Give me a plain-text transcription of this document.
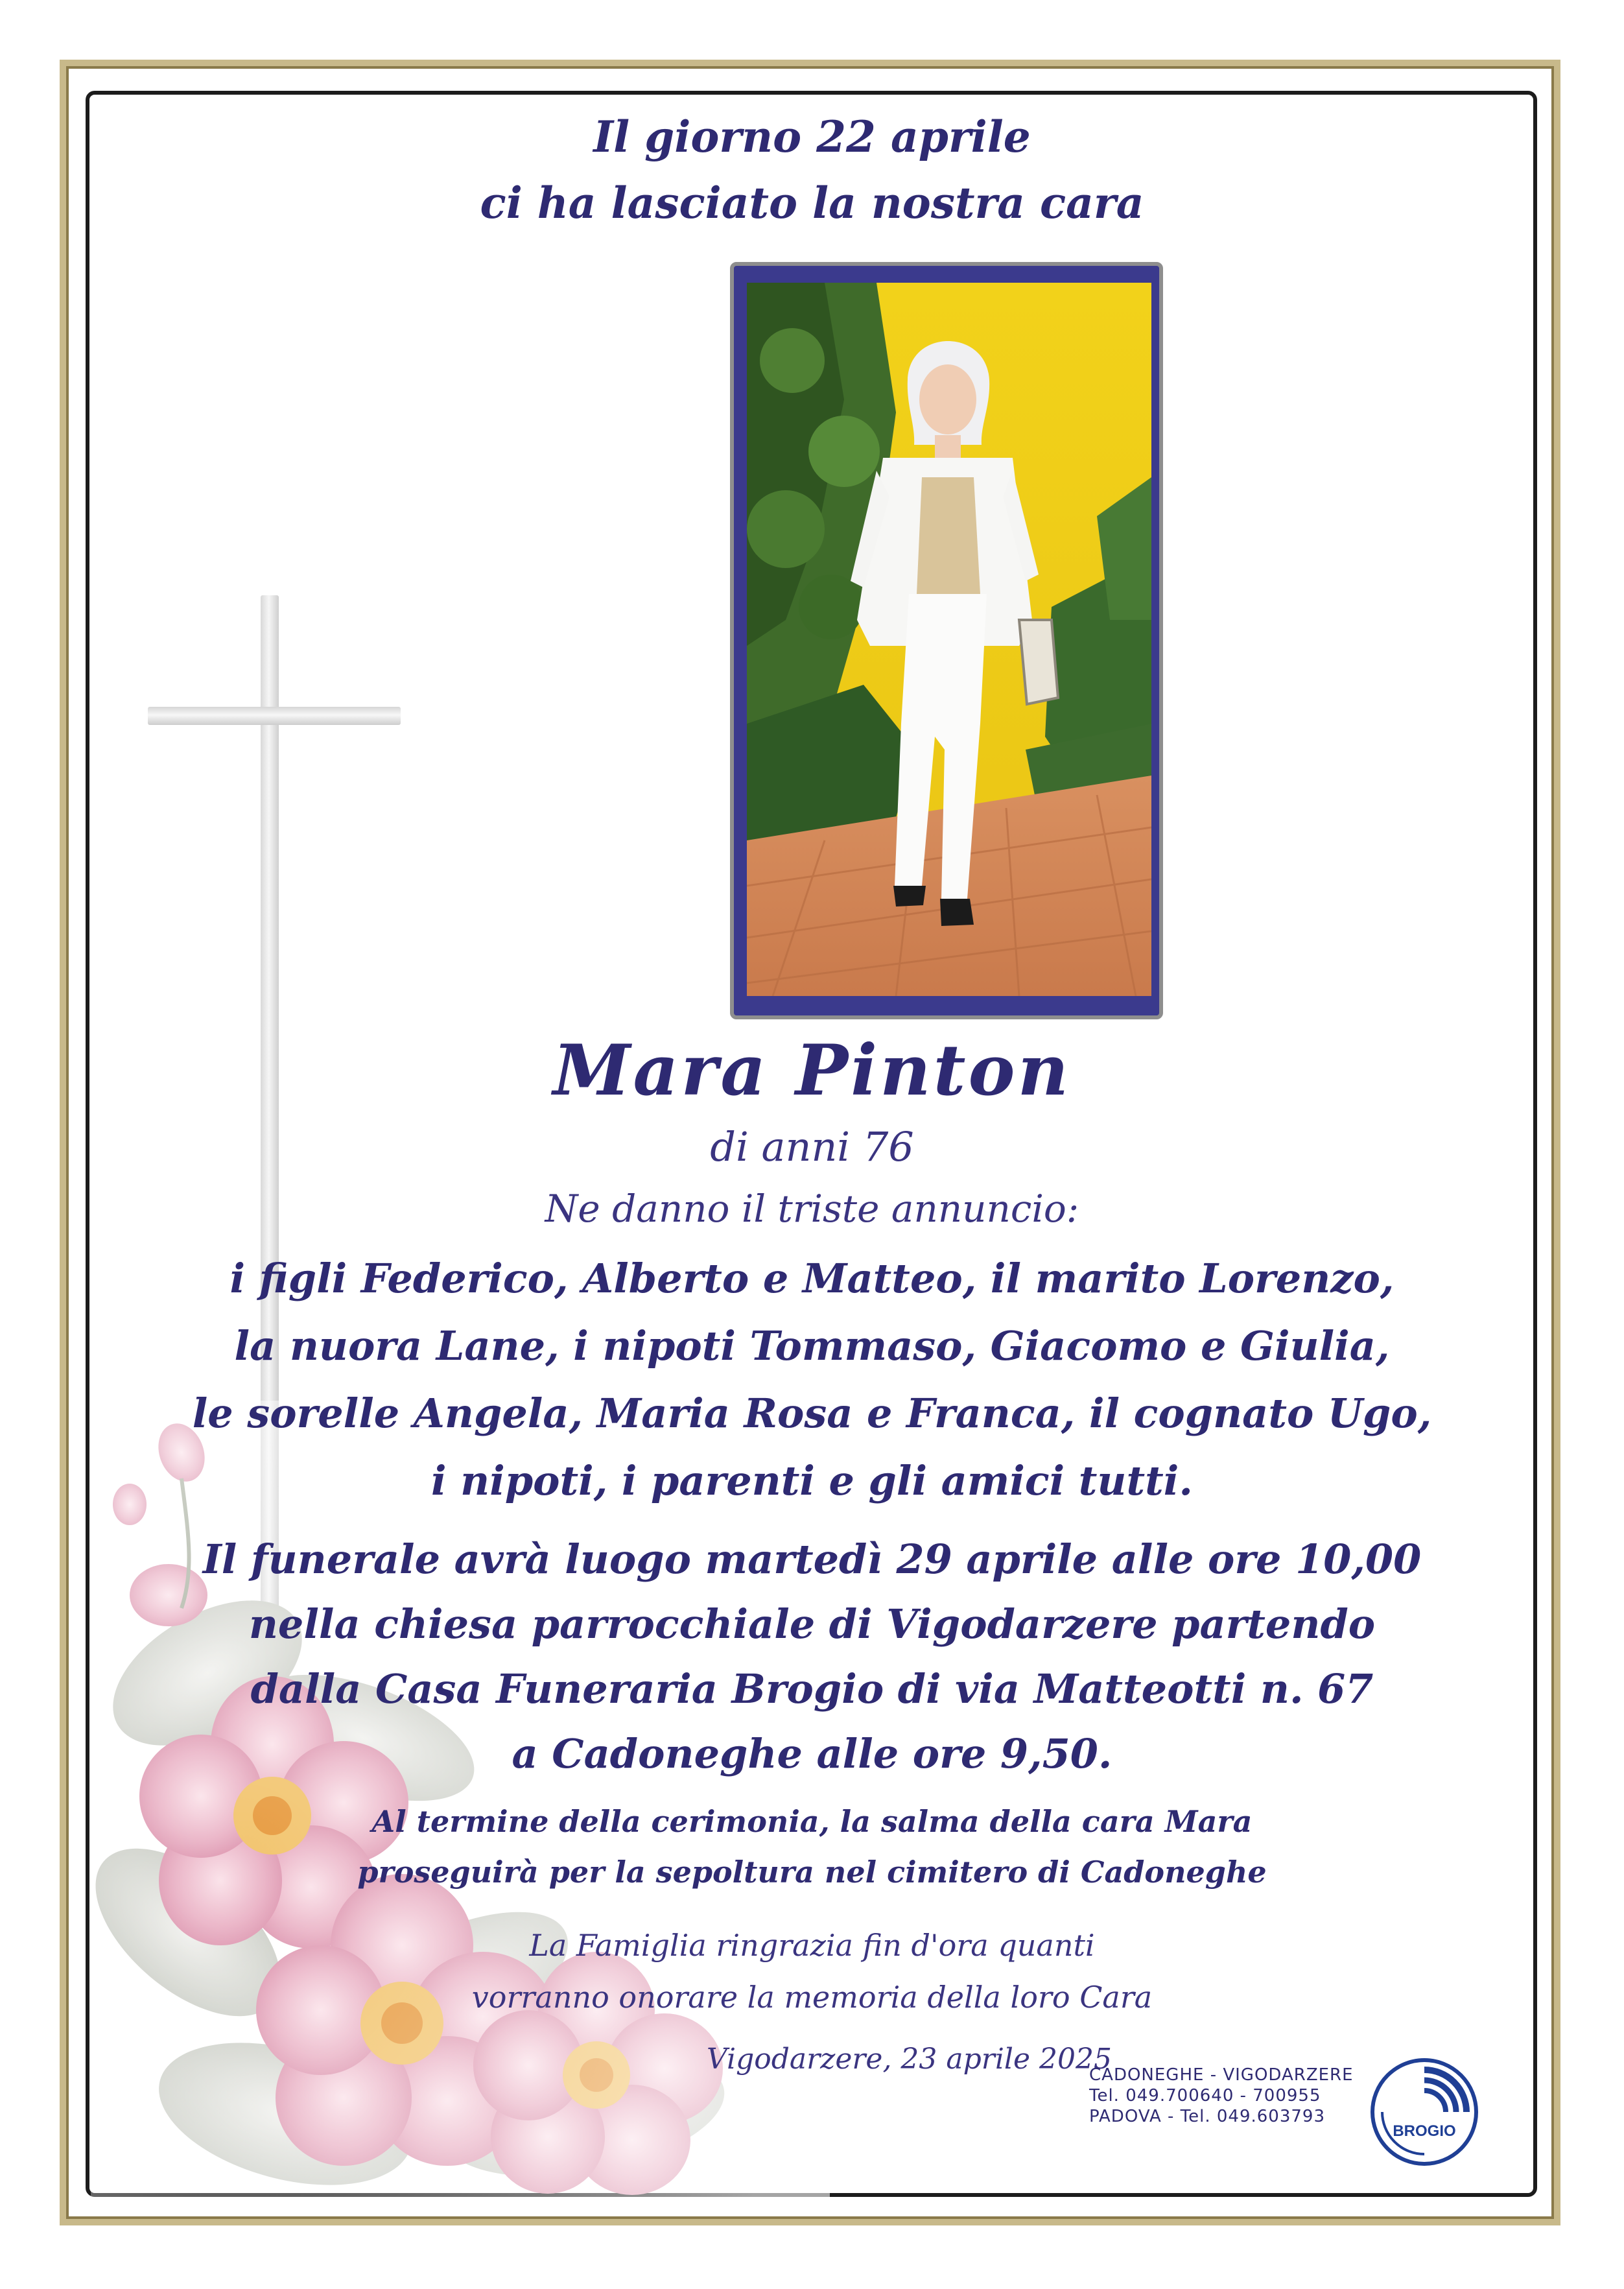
Il giorno 22 aprile
ci ha lasciato la nostra cara
Mara Pinton
di anni 76
Ne danno il triste annuncio:
i figli Federico, Alberto e Matteo, il marito Lorenzo,
la nuora Lane, i nipoti Tommaso, Giacomo e Giulia,
le sorelle Angela, Maria Rosa e Franca, il cognato Ugo,
i nipoti, i parenti e gli amici tutti.
Il funerale avrà luogo martedì 29 aprile alle ore 10,00
nella chiesa parrocchiale di Vigodarzere partendo
dalla Casa Funeraria Brogio di via Matteotti n. 67
a Cadoneghe alle ore 9,50.
Al termine della cerimonia, la salma della cara Mara
proseguirà per la sepoltura nel cimitero di Cadoneghe
La Famiglia ringrazia fin d'ora quanti
vorranno onorare la memoria della loro Cara
Vigodarzere, 23 aprile 2025
CADONEGHE - VIGODARZERE
Tel. 049.700640 - 700955
PADOVA - Tel. 049.603793
BROGIO
